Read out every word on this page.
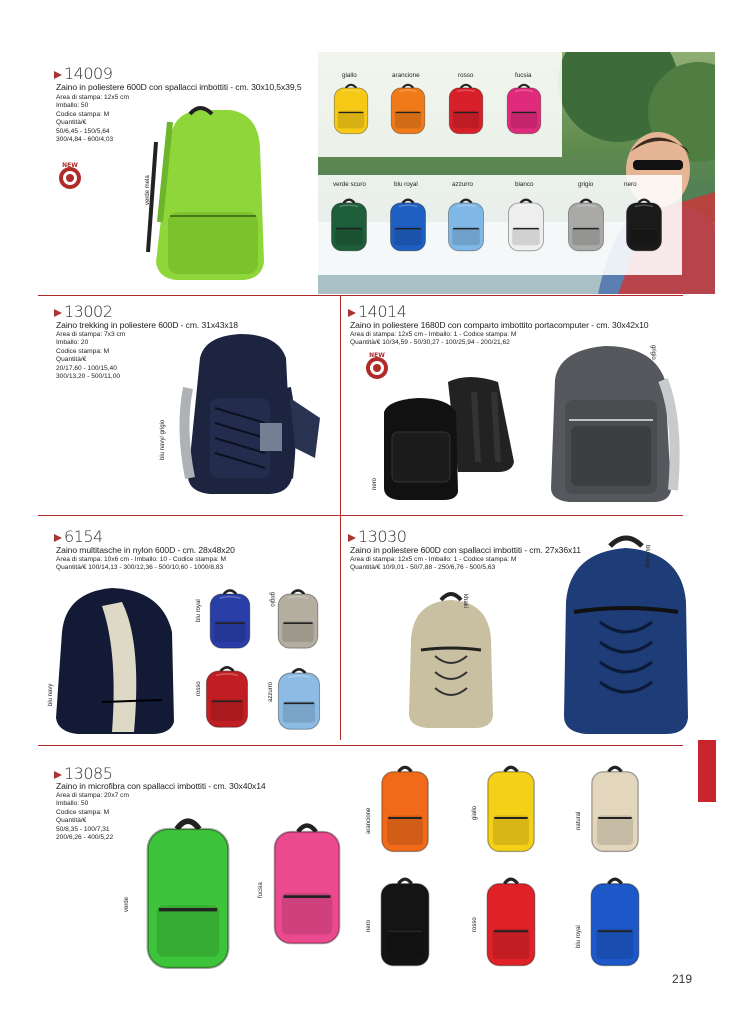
14009
Zaino in poliestere 600D con spallacci imbottiti - cm. 30x10,5x39,5
Area di stampa: 12x5 cm
Imballo: 50
Codice stampa: M
Quantità/€
50/6,45 - 150/5,64
300/4,84 - 600/4,03
NEW
verde mela
giallo	arancione	rosso	fucsia
verde scuro	blu royal	azzurro	bianco	grigio	nero
13002
Zaino trekking in poliestere 600D - cm. 31x43x18
Area di stampa: 7x3 cm
Imballo: 20
Codice stampa: M
Quantità/€
20/17,60 - 100/15,40
300/13,20 - 500/11,00
blu navy/ grigio
14014
Zaino in poliestere 1680D con comparto imbottito portacomputer - cm. 30x42x10
Area di stampa: 12x5 cm - Imballo: 1 - Codice stampa: M
Quantità/€ 10/34,59 - 50/30,27 - 100/25,94 - 200/21,62
NEW
nero
grigio
6154
Zaino multitasche in nylon 600D - cm. 28x48x20
Area di stampa: 10x6 cm - Imballo: 10 - Codice stampa: M
Quantità/€ 100/14,13 - 300/12,36 - 500/10,60 - 1000/8,83
blu navy
blu royal	grigio
rosso	azzurro
13030
Zaino in poliestere 600D con spallacci imbottiti - cm. 27x36x11
Area di stampa: 12x5 cm - Imballo: 1 - Codice stampa: M
Quantità/€ 10/9,01 - 50/7,88 - 250/6,76 - 500/5,63
khaki
blu navy
13085
Zaino in microfibra con spallacci imbottiti - cm. 30x40x14
Area di stampa: 20x7 cm
Imballo: 50
Codice stampa: M
Quantità/€
50/8,35 - 100/7,31
200/6,26 - 400/5,22
verde
fucsia
arancione	giallo	natural
nero	rosso
blu royal
219
